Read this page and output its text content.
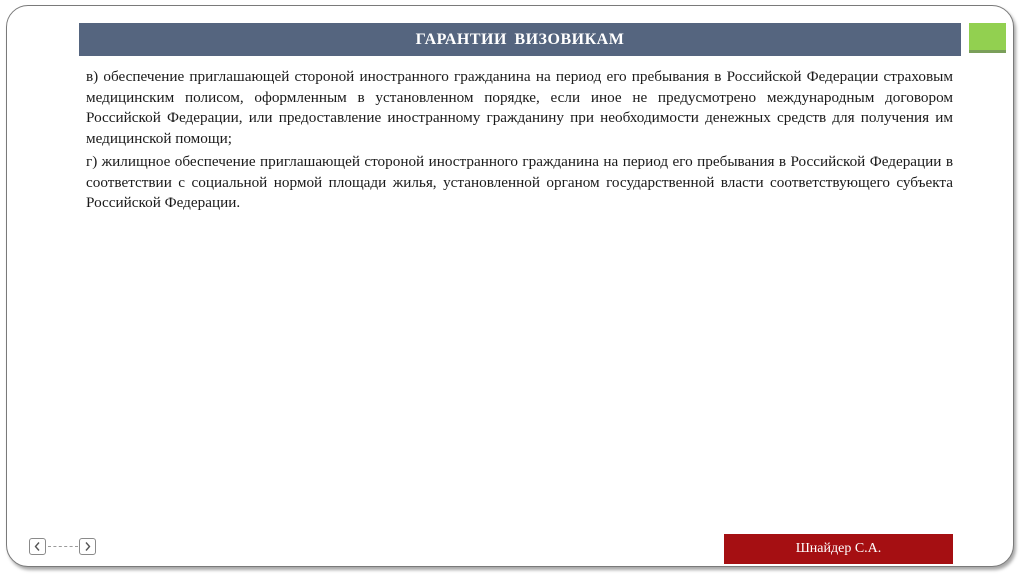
ГАРАНТИИ ВИЗОВИКАМ

в) обеспечение приглашающей стороной иностранного гражданина на период его пребывания в Российской Федерации страховым медицинским полисом, оформленным в установленном порядке, если иное не предусмотрено международным договором Российской Федерации, или предоставление иностранному гражданину при необходимости денежных средств для получения им медицинской помощи;

г) жилищное обеспечение приглашающей стороной иностранного гражданина на период его пребывания в Российской Федерации в соответствии с социальной нормой площади жилья, установленной органом государственной власти соответствующего субъекта Российской Федерации.

Шнайдер С.А.
